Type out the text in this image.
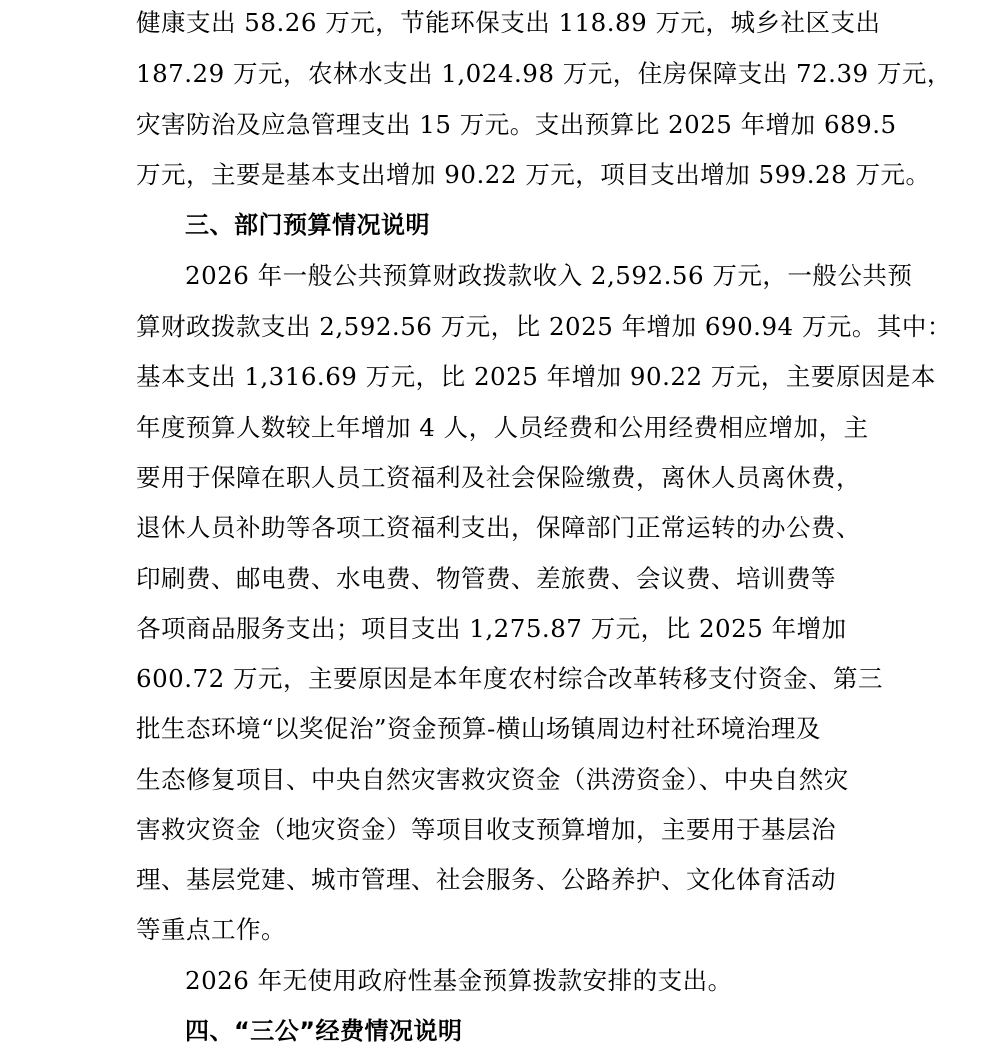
健康支出 58.26 万元，节能环保支出 118.89 万元，城乡社区支出
187.29 万元，农林水支出 1,024.98 万元，住房保障支出 72.39 万元，
灾害防治及应急管理支出 15 万元。支出预算比 2025 年增加 689.5
万元，主要是基本支出增加 90.22 万元，项目支出增加 599.28 万元。
三、部门预算情况说明
2026 年一般公共预算财政拨款收入 2,592.56 万元，一般公共预
算财政拨款支出 2,592.56 万元，比 2025 年增加 690.94 万元。其中：
基本支出 1,316.69 万元，比 2025 年增加 90.22 万元，主要原因是本
年度预算人数较上年增加 4 人，人员经费和公用经费相应增加，主
要用于保障在职人员工资福利及社会保险缴费，离休人员离休费，
退休人员补助等各项工资福利支出，保障部门正常运转的办公费、
印刷费、邮电费、水电费、物管费、差旅费、会议费、培训费等
各项商品服务支出；项目支出 1,275.87 万元，比 2025 年增加
600.72 万元，主要原因是本年度农村综合改革转移支付资金、第三
批生态环境“以奖促治”资金预算-横山场镇周边村社环境治理及
生态修复项目、中央自然灾害救灾资金（洪涝资金）、中央自然灾
害救灾资金（地灾资金）等项目收支预算增加，主要用于基层治
理、基层党建、城市管理、社会服务、公路养护、文化体育活动
等重点工作。
2026 年无使用政府性基金预算拨款安排的支出。
四、“三公”经费情况说明
